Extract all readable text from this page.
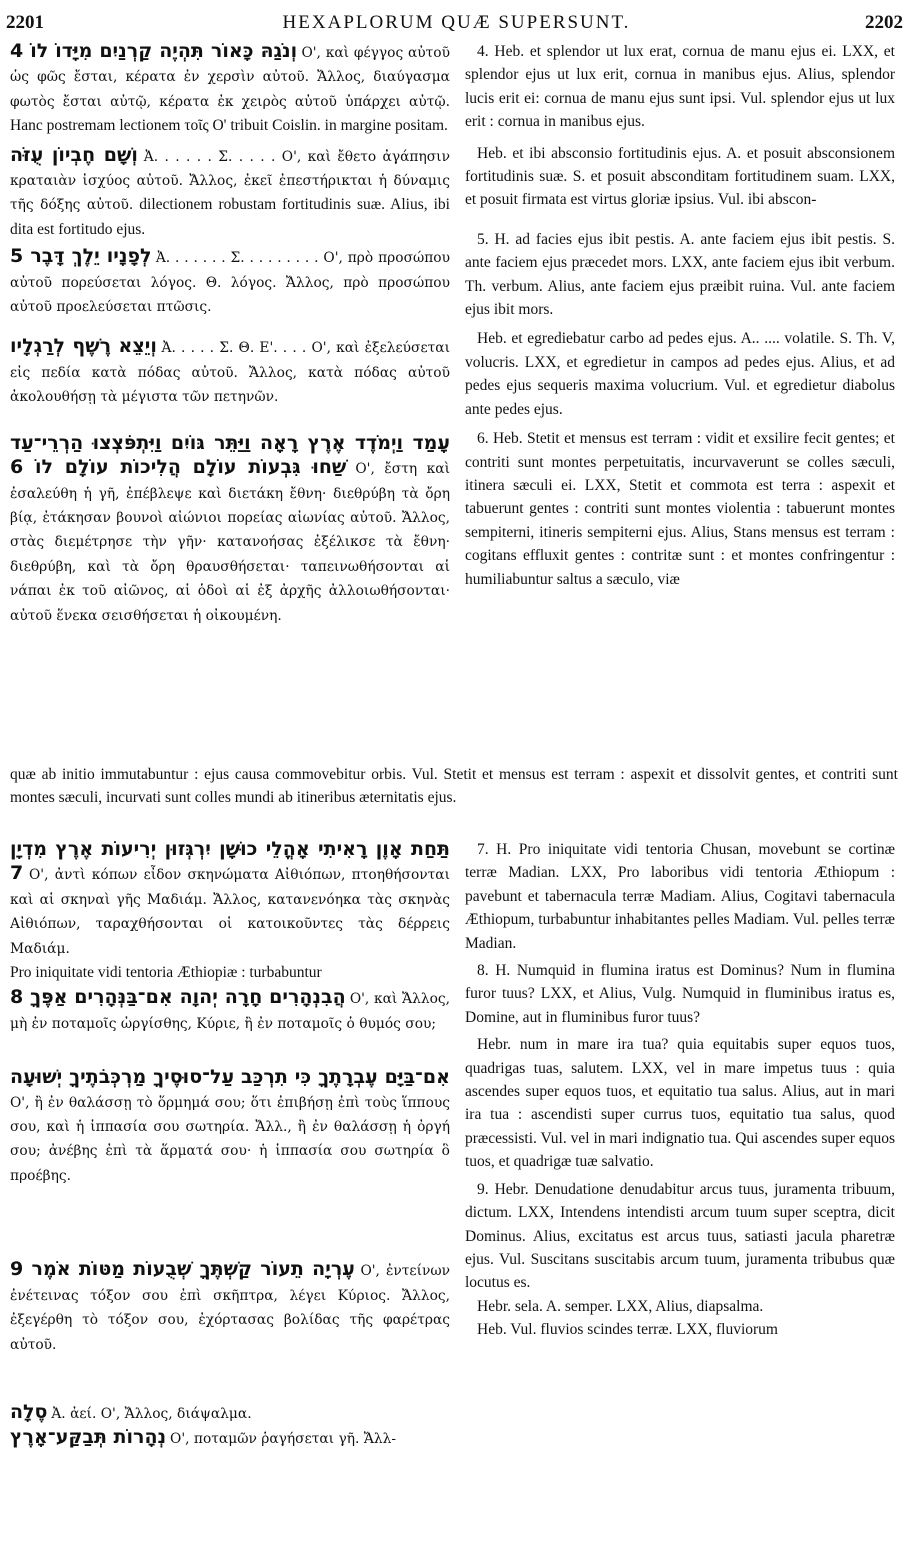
2201	HEXAPLORUM QUÆ SUPERSUNT.	2202

וְנֹגַהּ כָּאוֹר תִּהְיֶה קַרְנַיִם מִיָּדוֹ לוֹ 4 Ο', καὶ φέγγος αὐτοῦ ὡς φῶς ἔσται, κέρατα ἐν χερσὶν αὐτοῦ. Ἄλλος, διαύγασμα φωτὸς ἔσται αὐτῷ, κέρατα ἐκ χειρὸς αὐτοῦ ὑπάρχει αὐτῷ. Hanc postremam lectionem τοῖς Ο' tribuit Coislin. in margine positam.

וְשָׁם חֶבְיוֹן עֻזֹּה Ἀ. . . . . . Σ. . . . . Ο', καὶ ἔθετο ἀγάπησιν κραταιὰν ἰσχύος αὐτοῦ. Ἄλλος, ἐκεῖ ἐπεστήρικται ἡ δύναμις τῆς δόξης αὐτοῦ. dilectionem robustam fortitudinis suæ. Alius, ibi dita est fortitudo ejus.

לְפָנָיו יֵלֶךְ דָּבֶר 5 Ἀ. . . . . . . Σ. . . . . . . . . Ο', πρὸ προσώπου αὐτοῦ πορεύσεται λόγος. Θ. λόγος. Ἄλλος, πρὸ προσώπου αὐτοῦ προελεύσεται πτῶσις.

וְיֵצֵא רֶשֶׁף לְרַגְלָיו Ἀ. . . . . Σ. Θ. Ε'. . . . Ο', καὶ ἐξελεύσεται εἰς πεδία κατὰ πόδας αὐτοῦ. Ἄλλος, κατὰ πόδας αὐτοῦ ἀκολουθήσῃ τὰ μέγιστα τῶν πετηνῶν.

עָמַד וַיְמֹדֶד אֶרֶץ רָאָה וַיַּתֵּר גּוֹיִם וַיִּתְפֹּצְצוּ הַרְרֵי־עַד שַׁחוּ גִּבְעוֹת עוֹלָם הֲלִיכוֹת עוֹלָם לוֹ 6 Ο', ἔστη καὶ ἐσαλεύθη ἡ γῆ, ἐπέβλεψε καὶ διετάκη ἔθνη· διεθρύβη τὰ ὄρη βίᾳ, ἐτάκησαν βουνοὶ αἰώνιοι πορείας αἰωνίας αὐτοῦ. Ἄλλος, στὰς διεμέτρησε τὴν γῆν· κατανοήσας ἐξέλικσε τὰ ἔθνη· διεθρύβη, καὶ τὰ ὄρη θραυσθήσεται· ταπεινωθήσονται αἱ νάπαι ἐκ τοῦ αἰῶνος, αἱ ὁδοὶ αἱ ἐξ ἀρχῆς ἀλλοιωθήσονται· αὐτοῦ ἕνεκα σεισθήσεται ἡ οἰκουμένη.

4. Heb. et splendor ut lux erat, cornua de manu ejus ei. LXX, et splendor ejus ut lux erit, cornua in manibus ejus. Alius, splendor lucis erit ei: cornua de manu ejus sunt ipsi. Vul. splendor ejus ut lux erit : cornua in manibus ejus.

Heb. et ibi absconsio fortitudinis ejus. A. et posuit absconsionem fortitudinis suæ. S. et posuit absconditam fortitudinem suam. LXX, et posuit firmata est virtus gloriæ ipsius. Vul. ibi abscon-

5. H. ad facies ejus ibit pestis. A. ante faciem ejus ibit pestis. S. ante faciem ejus præcedet mors. LXX, ante faciem ejus ibit verbum. Th. verbum. Alius, ante faciem ejus præibit ruina. Vul. ante faciem ejus ibit mors.

Heb. et egrediebatur carbo ad pedes ejus. A.. .... volatile. S. Th. V, volucris. LXX, et egredietur in campos ad pedes ejus. Alius, et ad pedes ejus sequeris maxima volucrium. Vul. et egredietur diabolus ante pedes ejus.

6. Heb. Stetit et mensus est terram : vidit et exsilire fecit gentes; et contriti sunt montes perpetuitatis, incurvaverunt se colles sæculi, itinera sæculi ei. LXX, Stetit et commota est terra : aspexit et tabuerunt gentes : contriti sunt montes violentia : tabuerunt montes sempiterni, itineris sempiterni ejus. Alius, Stans mensus est terram : cogitans effluxit gentes : contritæ sunt : et montes confringentur : humiliabuntur saltus a sæculo, viæ

quæ ab initio immutabuntur : ejus causa commovebitur orbis. Vul. Stetit et mensus est terram : aspexit et dissolvit gentes, et contriti sunt montes sæculi, incurvati sunt colles mundi ab itineribus æternitatis ejus.

תַּחַת אָוֶן רָאִיתִי אָהֳלֵי כוּשָׁן יִרְגְּזוּן יְרִיעוֹת אֶרֶץ מִדְיָן 7 Ο', ἀντὶ κόπων εἶδον σκηνώματα Αἰθιόπων, πτοηθήσονται καὶ αἱ σκηναὶ γῆς Μαδιάμ. Ἄλλος, κατανενόηκα τὰς σκηνὰς Αἰθιόπων, ταραχθήσονται οἱ κατοικοῦντες τὰς δέρρεις Μαδιάμ.
Pro iniquitate vidi tentoria Æthiopiæ : turbabuntur

הֲבִנְהָרִים חָרָה יְהוָה אִם־בַּנְּהָרִים אַפֶּךָ 8 Ο', καὶ Ἄλλος, μὴ ἐν ποταμοῖς ὠργίσθης, Κύριε, ἢ ἐν ποταμοῖς ὁ θυμός σου;

אִם־בַּיָּם עֶבְרָתֶךָ כִּי תִרְכַּב עַל־סוּסֶיךָ מַרְכְּבֹתֶיךָ יְשׁוּעָה Ο', ἢ ἐν θαλάσσῃ τὸ ὅρμημά σου; ὅτι ἐπιβήσῃ ἐπὶ τοὺς ἵππους σου, καὶ ἡ ἱππασία σου σωτηρία. Ἄλλ., ἢ ἐν θαλάσσῃ ἡ ὀργή σου; ἀνέβης ἐπὶ τὰ ἅρματά σου· ἡ ἱππασία σου σωτηρία ὃ προέβης.

עֶרְיָה תֵעוֹר קַשְׁתֶּךָ שְׁבֻעוֹת מַטּוֹת אֹמֶר 9 Ο', ἐντείνων ἐνέτεινας τόξον σου ἐπὶ σκῆπτρα, λέγει Κύριος. Ἄλλος, ἐξεγέρθη τὸ τόξον σου, ἐχόρτασας βολίδας τῆς φαρέτρας αὐτοῦ.

סֶלָה Ἀ. ἀεί. Ο', Ἄλλος, διάψαλμα.

נְהָרוֹת תְּבַקַּע־אָרֶץ Ο', ποταμῶν ῥαγήσεται γῆ. Ἄλλ-

7. H. Pro iniquitate vidi tentoria Chusan, movebunt se cortinæ terræ Madian. LXX, Pro laboribus vidi tentoria Æthiopum : pavebunt et tabernacula terræ Madiam. Alius, Cogitavi tabernacula Æthiopum, turbabuntur inhabitantes pelles Madiam. Vul. pelles terræ Madian.

8. H. Numquid in flumina iratus est Dominus? Num in flumina furor tuus? LXX, et Alius, Vulg. Numquid in fluminibus iratus es, Domine, aut in fluminibus furor tuus?

Hebr. num in mare ira tua? quia equitabis super equos tuos, quadrigas tuas, salutem. LXX, vel in mare impetus tuus : quia ascendes super equos tuos, et equitatio tua salus. Alius, aut in mari ira tua : ascendisti super currus tuos, equitatio tua salus, quod præcessisti. Vul. vel in mari indignatio tua. Qui ascendes super equos tuos, et quadrigæ tuæ salvatio.

9. Hebr. Denudatione denudabitur arcus tuus, juramenta tribuum, dictum. LXX, Intendens intendisti arcum tuum super sceptra, dicit Dominus. Alius, excitatus est arcus tuus, satiasti jacula pharetræ ejus. Vul. Suscitans suscitabis arcum tuum, juramenta tribubus quæ locutus es.

Hebr. sela. A. semper. LXX, Alius, diapsalma.

Heb. Vul. fluvios scindes terræ. LXX, fluviorum
